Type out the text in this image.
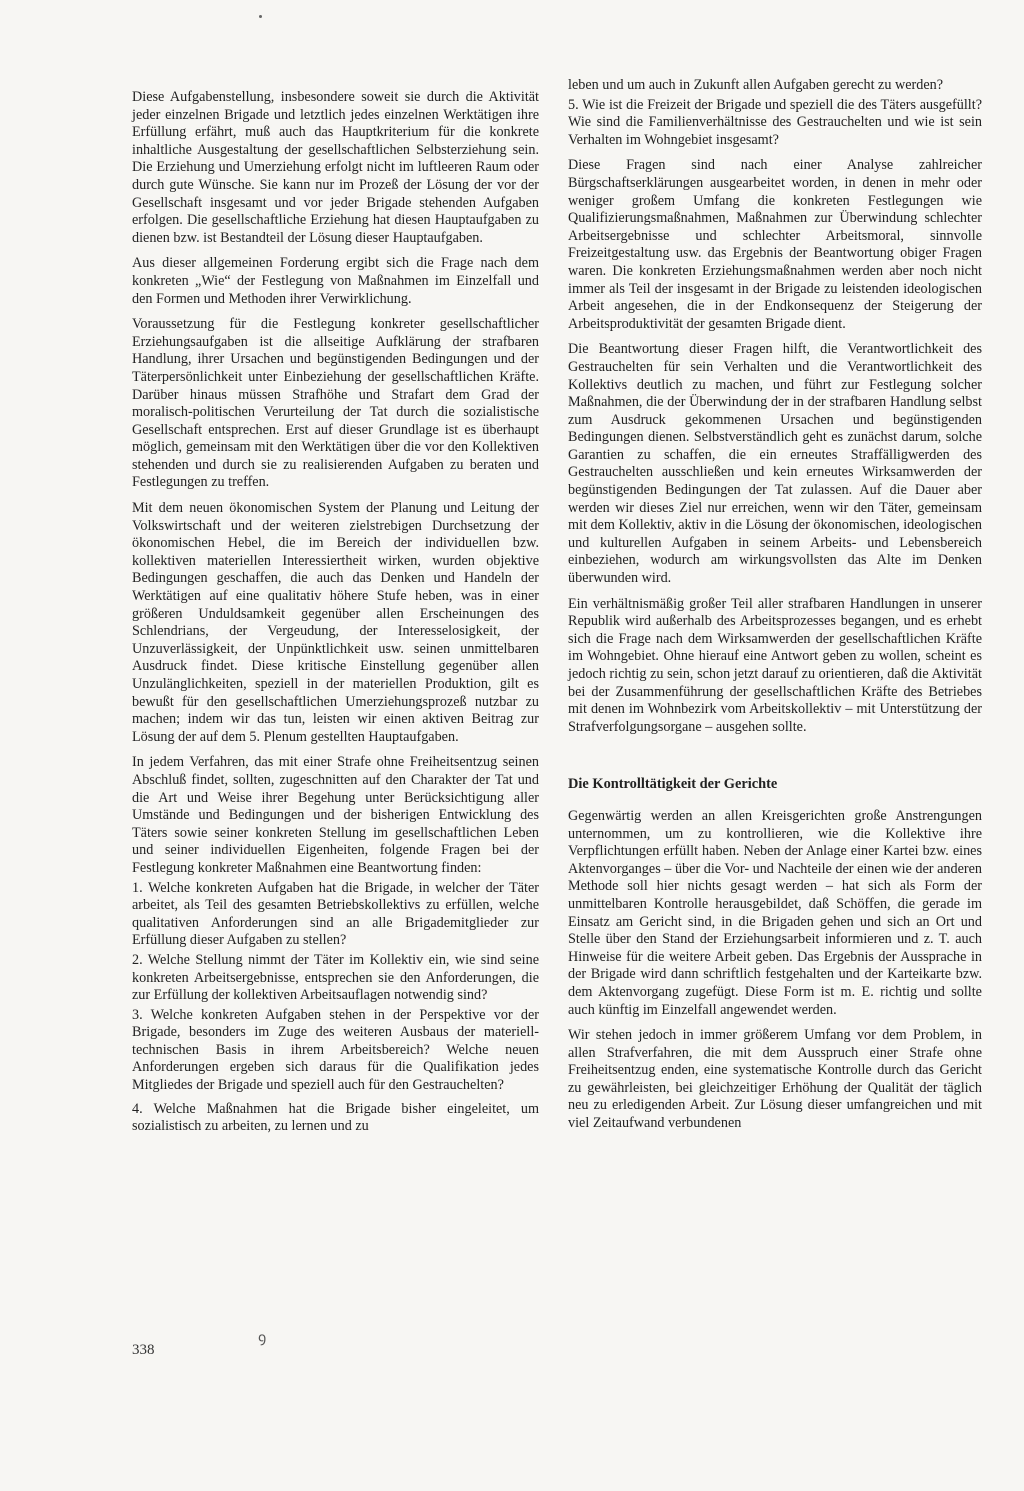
Diese Aufgabenstellung, insbesondere soweit sie durch die Aktivität jeder einzelnen Brigade und letztlich jedes einzelnen Werktätigen ihre Erfüllung erfährt, muß auch das Hauptkriterium für die konkrete inhaltliche Ausgestaltung der gesellschaftlichen Selbsterziehung sein. Die Erziehung und Umerziehung erfolgt nicht im luftleeren Raum oder durch gute Wünsche. Sie kann nur im Prozeß der Lösung der vor der Gesellschaft insgesamt und vor jeder Brigade stehenden Aufgaben erfolgen. Die gesellschaftliche Erziehung hat diesen Hauptaufgaben zu dienen bzw. ist Bestandteil der Lösung dieser Hauptaufgaben.

Aus dieser allgemeinen Forderung ergibt sich die Frage nach dem konkreten „Wie“ der Festlegung von Maßnahmen im Einzelfall und den Formen und Methoden ihrer Verwirklichung.

Voraussetzung für die Festlegung konkreter gesellschaftlicher Erziehungsaufgaben ist die allseitige Aufklärung der strafbaren Handlung, ihrer Ursachen und begünstigenden Bedingungen und der Täterpersönlichkeit unter Einbeziehung der gesellschaftlichen Kräfte. Darüber hinaus müssen Strafhöhe und Strafart dem Grad der moralisch-politischen Verurteilung der Tat durch die sozialistische Gesellschaft entsprechen. Erst auf dieser Grundlage ist es überhaupt möglich, gemeinsam mit den Werktätigen über die vor den Kollektiven stehenden und durch sie zu realisierenden Aufgaben zu beraten und Festlegungen zu treffen.

Mit dem neuen ökonomischen System der Planung und Leitung der Volkswirtschaft und der weiteren zielstrebigen Durchsetzung der ökonomischen Hebel, die im Bereich der individuellen bzw. kollektiven materiellen Interessiertheit wirken, wurden objektive Bedingungen geschaffen, die auch das Denken und Handeln der Werktätigen auf eine qualitativ höhere Stufe heben, was in einer größeren Unduldsamkeit gegenüber allen Erscheinungen des Schlendrians, der Vergeudung, der Interesselosigkeit, der Unzuverlässigkeit, der Unpünktlichkeit usw. seinen unmittelbaren Ausdruck findet. Diese kritische Einstellung gegenüber allen Unzulänglichkeiten, speziell in der materiellen Produktion, gilt es bewußt für den gesellschaftlichen Umerziehungsprozeß nutzbar zu machen; indem wir das tun, leisten wir einen aktiven Beitrag zur Lösung der auf dem 5. Plenum gestellten Hauptaufgaben.

In jedem Verfahren, das mit einer Strafe ohne Freiheitsentzug seinen Abschluß findet, sollten, zugeschnitten auf den Charakter der Tat und die Art und Weise ihrer Begehung unter Berücksichtigung aller Umstände und Bedingungen und der bisherigen Entwicklung des Täters sowie seiner konkreten Stellung im gesellschaftlichen Leben und seiner individuellen Eigenheiten, folgende Fragen bei der Festlegung konkreter Maßnahmen eine Beantwortung finden:

1. Welche konkreten Aufgaben hat die Brigade, in welcher der Täter arbeitet, als Teil des gesamten Betriebskollektivs zu erfüllen, welche qualitativen Anforderungen sind an alle Brigademitglieder zur Erfüllung dieser Aufgaben zu stellen?

2. Welche Stellung nimmt der Täter im Kollektiv ein, wie sind seine konkreten Arbeitsergebnisse, entsprechen sie den Anforderungen, die zur Erfüllung der kollektiven Arbeitsauflagen notwendig sind?

3. Welche konkreten Aufgaben stehen in der Perspektive vor der Brigade, besonders im Zuge des weiteren Ausbaus der materiell-technischen Basis in ihrem Arbeitsbereich? Welche neuen Anforderungen ergeben sich daraus für die Qualifikation jedes Mitgliedes der Brigade und speziell auch für den Gestrauchelten?

4. Welche Maßnahmen hat die Brigade bisher eingeleitet, um sozialistisch zu arbeiten, zu lernen und zu

leben und um auch in Zukunft allen Aufgaben gerecht zu werden?

5. Wie ist die Freizeit der Brigade und speziell die des Täters ausgefüllt? Wie sind die Familienverhältnisse des Gestrauchelten und wie ist sein Verhalten im Wohngebiet insgesamt?

Diese Fragen sind nach einer Analyse zahlreicher Bürgschaftserklärungen ausgearbeitet worden, in denen in mehr oder weniger großem Umfang die konkreten Festlegungen wie Qualifizierungsmaßnahmen, Maßnahmen zur Überwindung schlechter Arbeitsergebnisse und schlechter Arbeitsmoral, sinnvolle Freizeitgestaltung usw. das Ergebnis der Beantwortung obiger Fragen waren. Die konkreten Erziehungsmaßnahmen werden aber noch nicht immer als Teil der insgesamt in der Brigade zu leistenden ideologischen Arbeit angesehen, die in der Endkonsequenz der Steigerung der Arbeitsproduktivität der gesamten Brigade dient.

Die Beantwortung dieser Fragen hilft, die Verantwortlichkeit des Gestrauchelten für sein Verhalten und die Verantwortlichkeit des Kollektivs deutlich zu machen, und führt zur Festlegung solcher Maßnahmen, die der Überwindung der in der strafbaren Handlung selbst zum Ausdruck gekommenen Ursachen und begünstigenden Bedingungen dienen. Selbstverständlich geht es zunächst darum, solche Garantien zu schaffen, die ein erneutes Straffälligwerden des Gestrauchelten ausschließen und kein erneutes Wirksamwerden der begünstigenden Bedingungen der Tat zulassen. Auf die Dauer aber werden wir dieses Ziel nur erreichen, wenn wir den Täter, gemeinsam mit dem Kollektiv, aktiv in die Lösung der ökonomischen, ideologischen und kulturellen Aufgaben in seinem Arbeits- und Lebensbereich einbeziehen, wodurch am wirkungsvollsten das Alte im Denken überwunden wird.

Ein verhältnismäßig großer Teil aller strafbaren Handlungen in unserer Republik wird außerhalb des Arbeitsprozesses begangen, und es erhebt sich die Frage nach dem Wirksamwerden der gesellschaftlichen Kräfte im Wohngebiet. Ohne hierauf eine Antwort geben zu wollen, scheint es jedoch richtig zu sein, schon jetzt darauf zu orientieren, daß die Aktivität bei der Zusammenführung der gesellschaftlichen Kräfte des Betriebes mit denen im Wohnbezirk vom Arbeitskollektiv – mit Unterstützung der Strafverfolgungsorgane – ausgehen sollte.

Die Kontrolltätigkeit der Gerichte

Gegenwärtig werden an allen Kreisgerichten große Anstrengungen unternommen, um zu kontrollieren, wie die Kollektive ihre Verpflichtungen erfüllt haben. Neben der Anlage einer Kartei bzw. eines Aktenvorganges – über die Vor- und Nachteile der einen wie der anderen Methode soll hier nichts gesagt werden – hat sich als Form der unmittelbaren Kontrolle herausgebildet, daß Schöffen, die gerade im Einsatz am Gericht sind, in die Brigaden gehen und sich an Ort und Stelle über den Stand der Erziehungsarbeit informieren und z. T. auch Hinweise für die weitere Arbeit geben. Das Ergebnis der Aussprache in der Brigade wird dann schriftlich festgehalten und der Karteikarte bzw. dem Aktenvorgang zugefügt. Diese Form ist m. E. richtig und sollte auch künftig im Einzelfall angewendet werden.

Wir stehen jedoch in immer größerem Umfang vor dem Problem, in allen Strafverfahren, die mit dem Ausspruch einer Strafe ohne Freiheitsentzug enden, eine systematische Kontrolle durch das Gericht zu gewährleisten, bei gleichzeitiger Erhöhung der Qualität der täglich neu zu erledigenden Arbeit. Zur Lösung dieser umfangreichen und mit viel Zeitaufwand verbundenen

338
ꝯ
